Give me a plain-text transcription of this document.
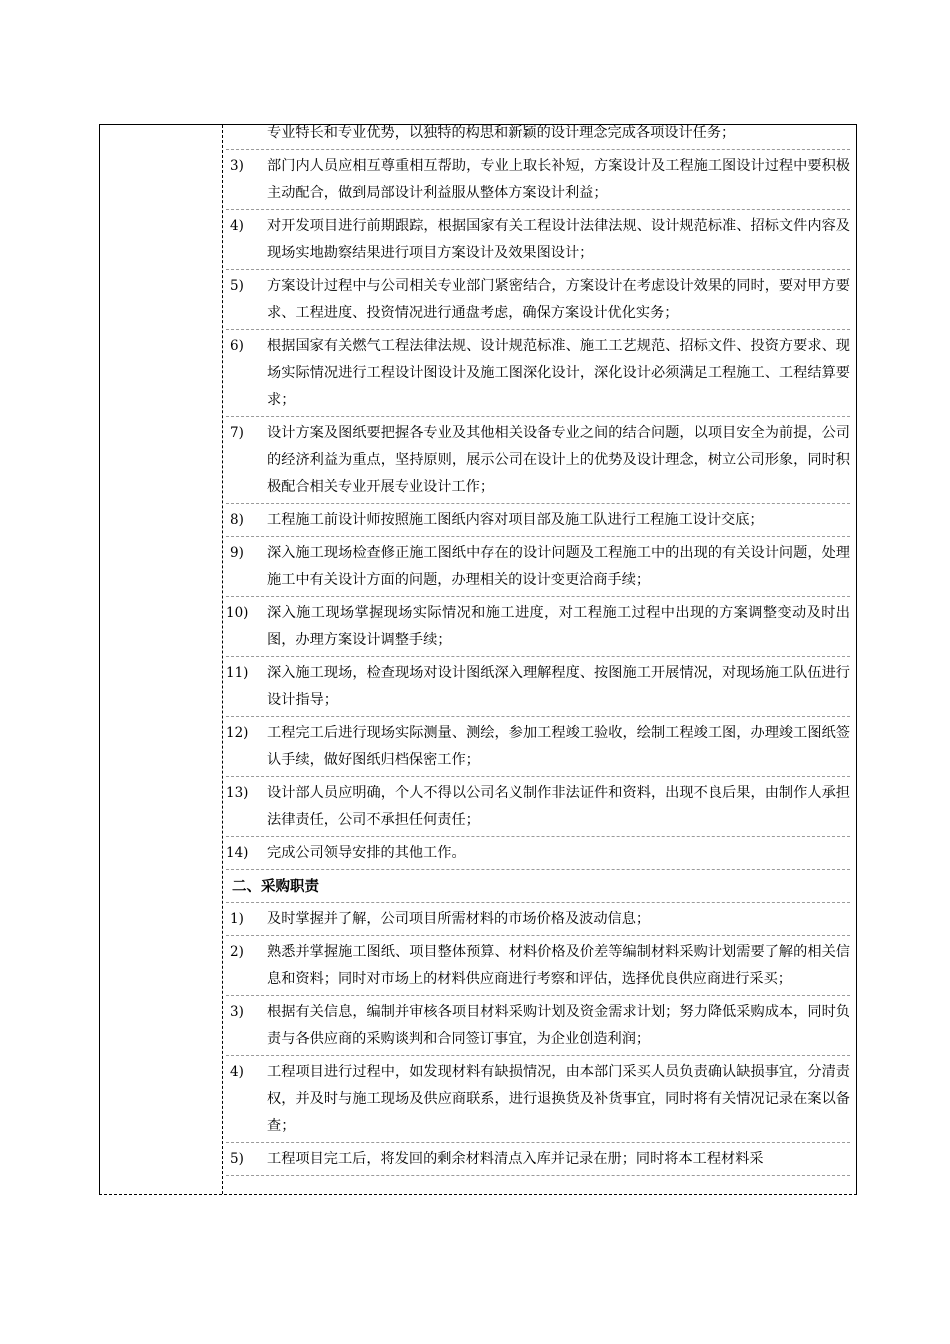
专业特长和专业优势，以独特的构思和新颖的设计理念完成各项设计任务；
3) 部门内人员应相互尊重相互帮助，专业上取长补短，方案设计及工程施工图设计过程中要积极主动配合，做到局部设计利益服从整体方案设计利益；
4) 对开发项目进行前期跟踪，根据国家有关工程设计法律法规、设计规范标准、招标文件内容及现场实地勘察结果进行项目方案设计及效果图设计；
5) 方案设计过程中与公司相关专业部门紧密结合，方案设计在考虑设计效果的同时，要对甲方要求、工程进度、投资情况进行通盘考虑，确保方案设计优化实务；
6) 根据国家有关燃气工程法律法规、设计规范标准、施工工艺规范、招标文件、投资方要求、现场实际情况进行工程设计图设计及施工图深化设计，深化设计必须满足工程施工、工程结算要求；
7) 设计方案及图纸要把握各专业及其他相关设备专业之间的结合问题，以项目安全为前提，公司的经济利益为重点，坚持原则，展示公司在设计上的优势及设计理念，树立公司形象，同时积极配合相关专业开展专业设计工作；
8) 工程施工前设计师按照施工图纸内容对项目部及施工队进行工程施工设计交底；
9) 深入施工现场检查修正施工图纸中存在的设计问题及工程施工中的出现的有关设计问题，处理施工中有关设计方面的问题，办理相关的设计变更洽商手续；
10) 深入施工现场掌握现场实际情况和施工进度，对工程施工过程中出现的方案调整变动及时出图，办理方案设计调整手续；
11) 深入施工现场，检查现场对设计图纸深入理解程度、按图施工开展情况，对现场施工队伍进行设计指导；
12) 工程完工后进行现场实际测量、测绘，参加工程竣工验收，绘制工程竣工图，办理竣工图纸签认手续，做好图纸归档保密工作；
13) 设计部人员应明确，个人不得以公司名义制作非法证件和资料，出现不良后果，由制作人承担法律责任，公司不承担任何责任；
14) 完成公司领导安排的其他工作。
二、采购职责
1) 及时掌握并了解，公司项目所需材料的市场价格及波动信息；
2) 熟悉并掌握施工图纸、项目整体预算、材料价格及价差等编制材料采购计划需要了解的相关信息和资料；同时对市场上的材料供应商进行考察和评估，选择优良供应商进行采买；
3) 根据有关信息，编制并审核各项目材料采购计划及资金需求计划；努力降低采购成本，同时负责与各供应商的采购谈判和合同签订事宜，为企业创造利润；
4) 工程项目进行过程中，如发现材料有缺损情况，由本部门采买人员负责确认缺损事宜，分清责权，并及时与施工现场及供应商联系，进行退换货及补货事宜，同时将有关情况记录在案以备查；
5) 工程项目完工后，将发回的剩余材料清点入库并记录在册；同时将本工程材料采
